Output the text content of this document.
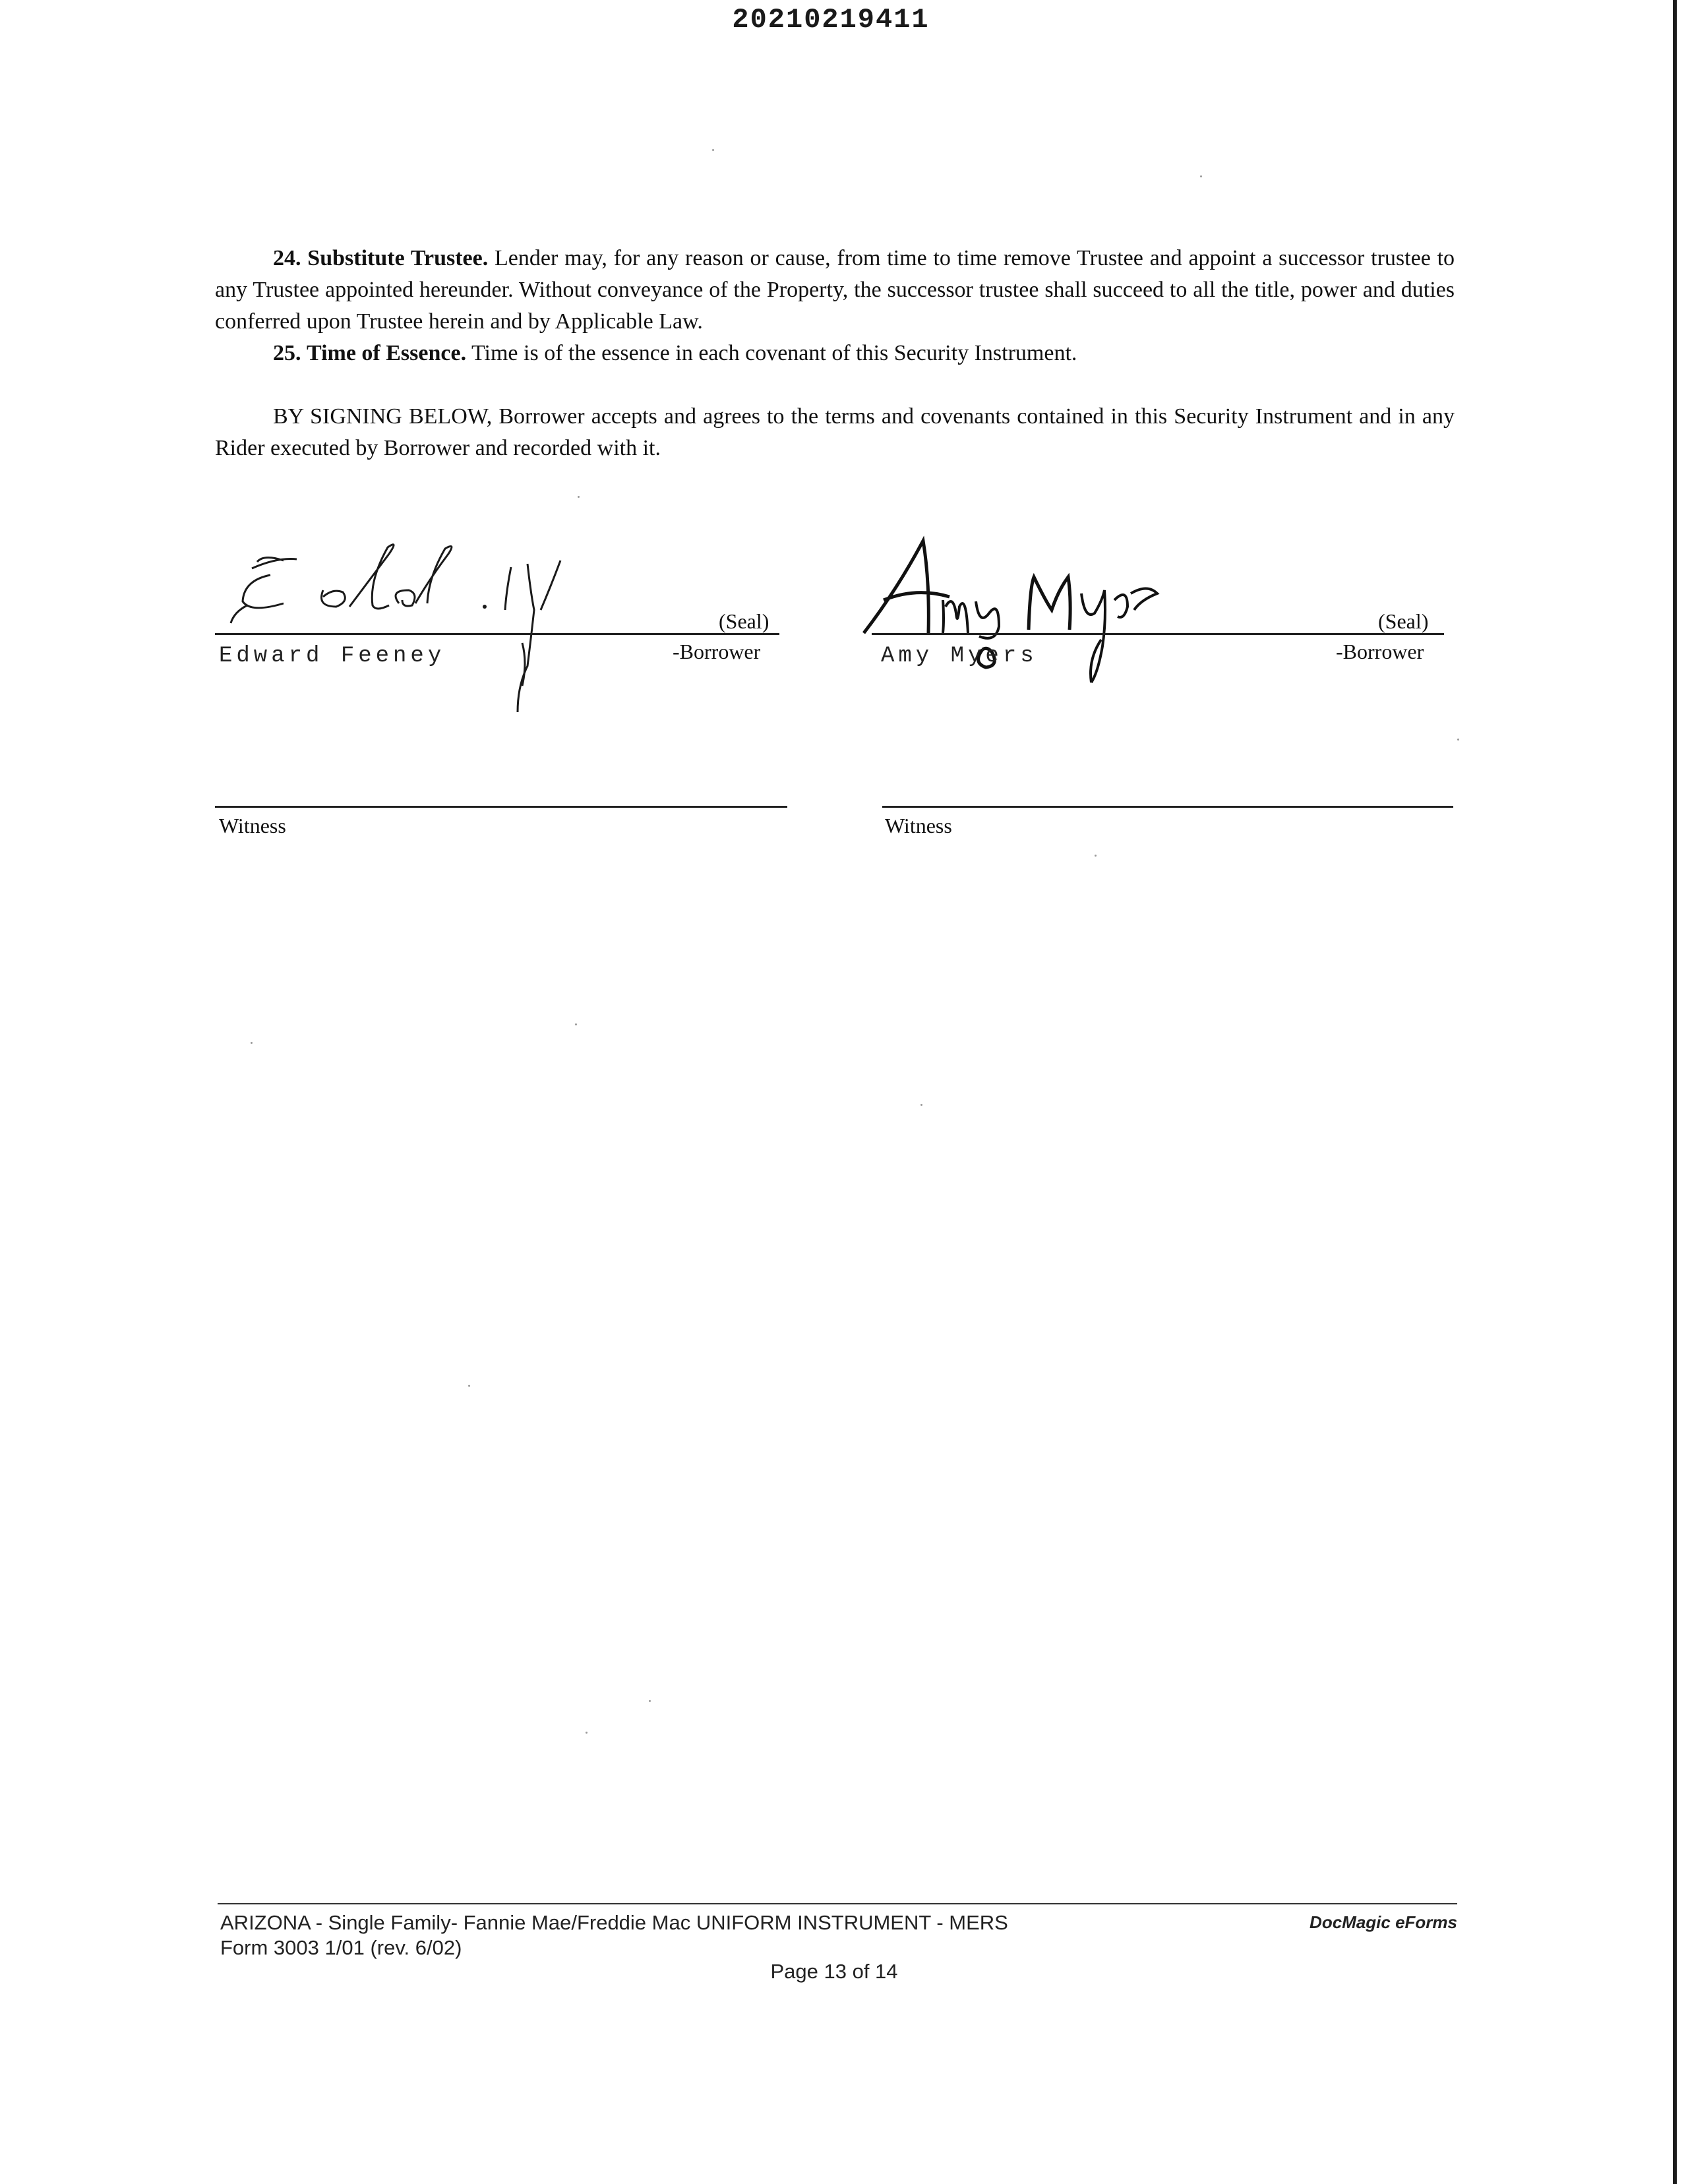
20210219411
24. Substitute Trustee. Lender may, for any reason or cause, from time to time remove Trustee and appoint a successor trustee to any Trustee appointed hereunder. Without conveyance of the Property, the successor trustee shall succeed to all the title, power and duties conferred upon Trustee herein and by Applicable Law.
25. Time of Essence. Time is of the essence in each covenant of this Security Instrument.
BY SIGNING BELOW, Borrower accepts and agrees to the terms and covenants contained in this Security Instrument and in any Rider executed by Borrower and recorded with it.
(Seal)
Edward Feeney	-Borrower
(Seal)
Amy Myers	-Borrower
Witness	Witness
ARIZONA - Single Family- Fannie Mae/Freddie Mac UNIFORM INSTRUMENT - MERS
Form 3003 1/01 (rev. 6/02)
Page 13 of 14
DocMagic eForms
